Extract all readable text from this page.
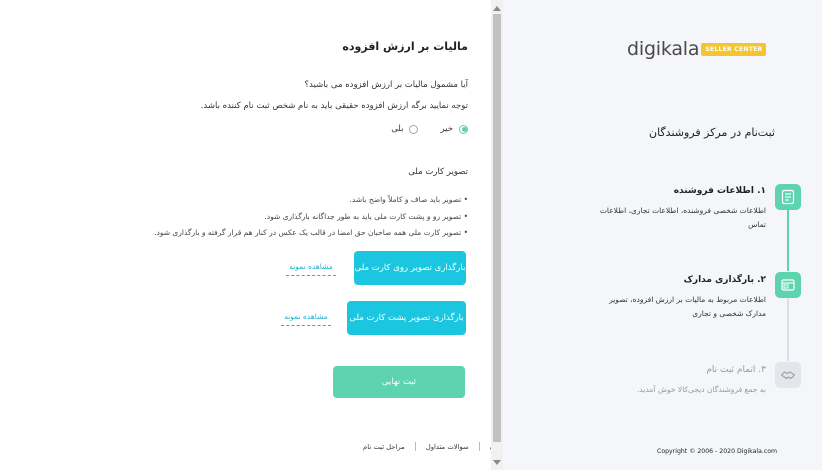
مالیات بر ارزش افزوده
آیا مشمول مالیات بر ارزش افزوده می باشید؟
توجه نمایید برگه ارزش افزوده حقیقی باید به نام شخص ثبت نام کننده باشد.
خیر
بلی
تصویر کارت ملی
• تصویر باید صاف و کاملاً واضح باشد.
• تصویر رو و پشت کارت ملی باید به طور جداگانه بارگذاری شود.
• تصویر کارت ملی همه صاحبان حق امضا در قالب یک عکس در کنار هم قرار گرفته و بارگذاری شود.
بارگذاری تصویر روی کارت ملی
مشاهده نمونه
بارگذاری تصویر پشت کارت ملی
مشاهده نمونه
ثبت نهایی
سوالات متداول
مراحل ثبت نام
digikala	SELLER CENTER
ثبت‌نام در مرکز فروشندگان
۱. اطلاعات فروشنده
اطلاعات شخصی فروشنده، اطلاعات تجاری، اطلاعات تماس
۲. بارگذاری مدارک
اطلاعات مربوط به مالیات بر ارزش افزوده، تصویر مدارک شخصی و تجاری
۳. اتمام ثبت نام
به جمع فروشندگان دیجی‌کالا خوش آمدید.
Copyright © 2006 - 2020 Digikala.com
